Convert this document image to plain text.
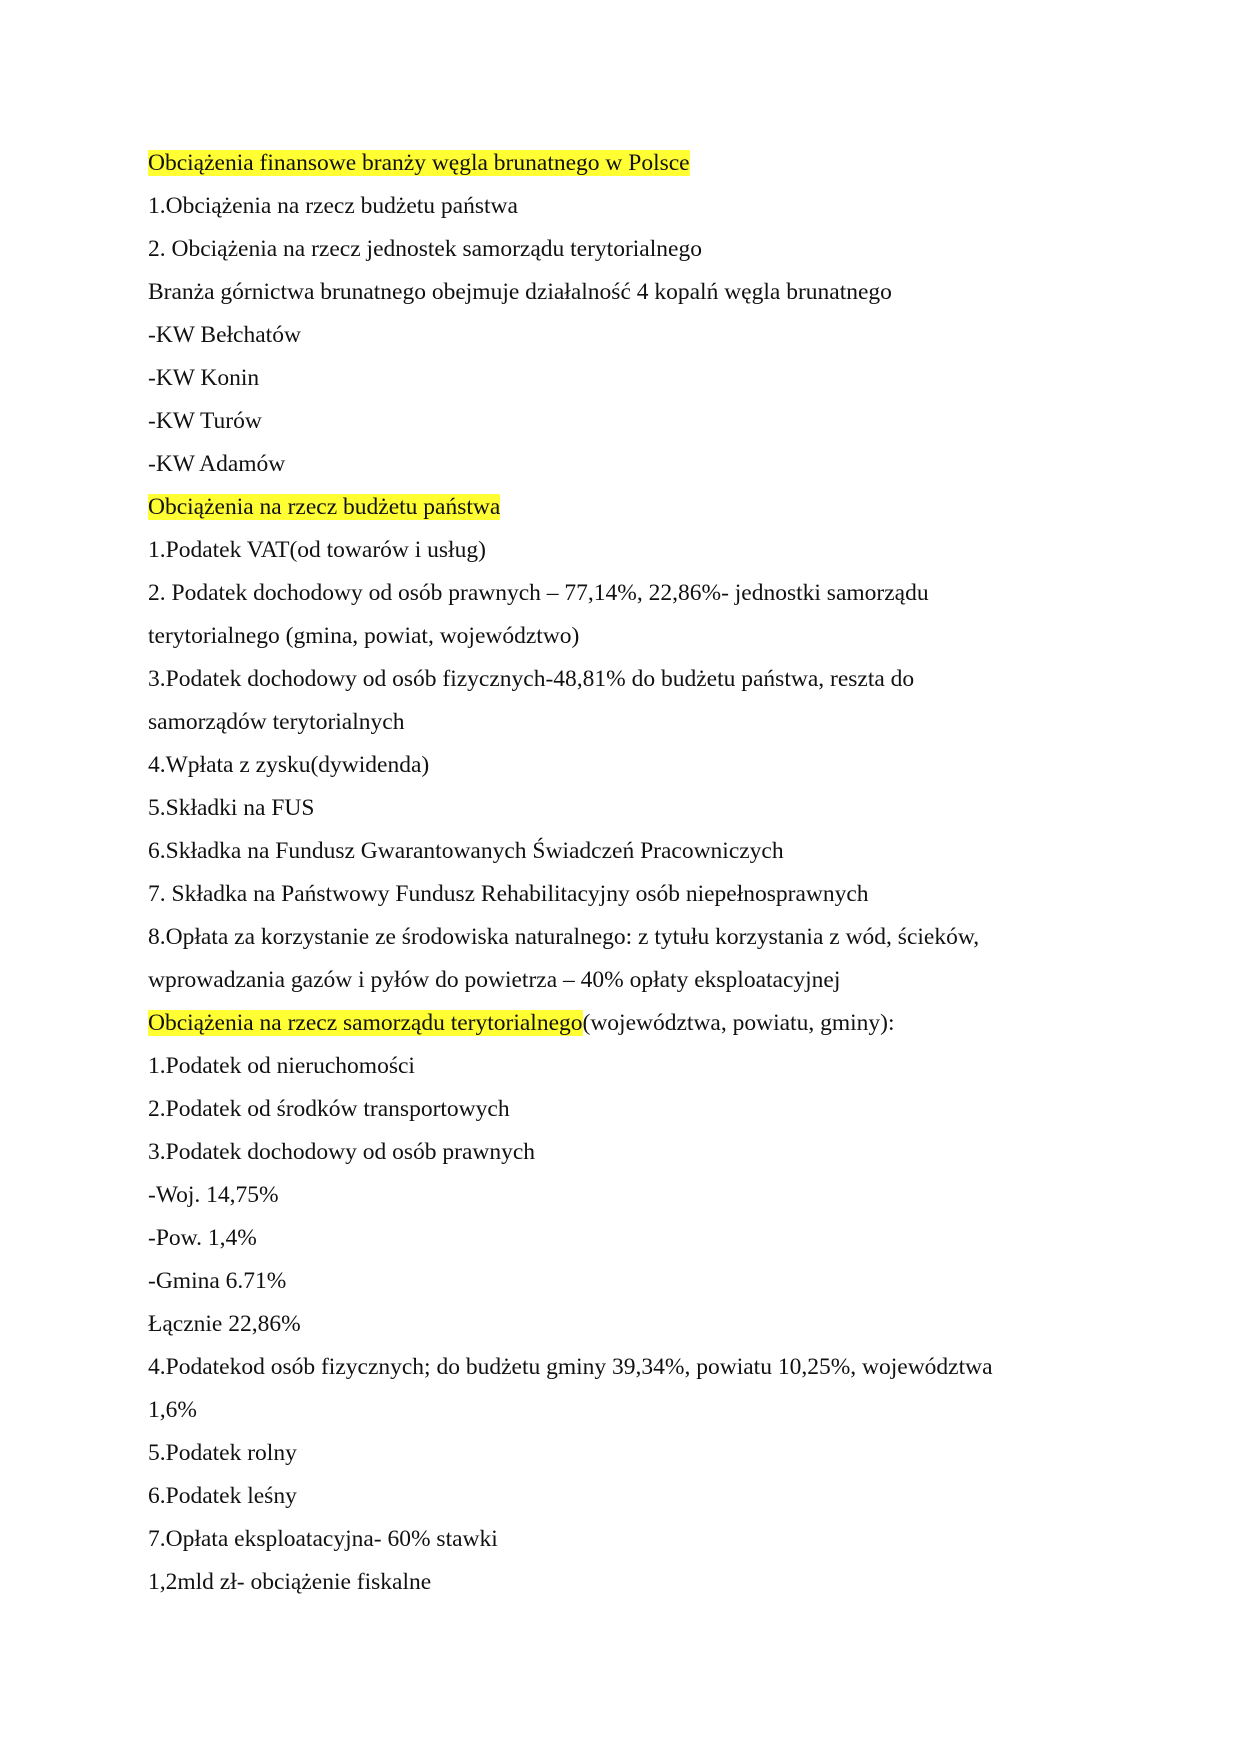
Obciążenia finansowe branży węgla brunatnego w Polsce
1.Obciążenia na rzecz budżetu państwa
2. Obciążenia na rzecz jednostek samorządu terytorialnego
Branża górnictwa brunatnego obejmuje działalność 4 kopalń węgla brunatnego
-KW Bełchatów
-KW Konin
-KW Turów
-KW Adamów
Obciążenia na rzecz budżetu państwa
1.Podatek VAT(od towarów i usług)
2. Podatek dochodowy od osób prawnych – 77,14%, 22,86%- jednostki samorządu
terytorialnego (gmina, powiat, województwo)
3.Podatek dochodowy od osób fizycznych-48,81% do budżetu państwa, reszta do
samorządów terytorialnych
4.Wpłata z zysku(dywidenda)
5.Składki na FUS
6.Składka na Fundusz Gwarantowanych Świadczeń Pracowniczych
7. Składka na Państwowy Fundusz Rehabilitacyjny osób niepełnosprawnych
8.Opłata za korzystanie ze środowiska naturalnego: z tytułu korzystania z wód, ścieków,
wprowadzania gazów i pyłów do powietrza – 40% opłaty eksploatacyjnej
Obciążenia na rzecz samorządu terytorialnego(województwa, powiatu, gminy):
1.Podatek od nieruchomości
2.Podatek od środków transportowych
3.Podatek dochodowy od osób prawnych
-Woj. 14,75%
-Pow. 1,4%
-Gmina 6.71%
Łącznie 22,86%
4.Podatekod osób fizycznych; do budżetu gminy 39,34%, powiatu 10,25%, województwa
1,6%
5.Podatek rolny
6.Podatek leśny
7.Opłata eksploatacyjna- 60% stawki
1,2mld zł- obciążenie fiskalne
